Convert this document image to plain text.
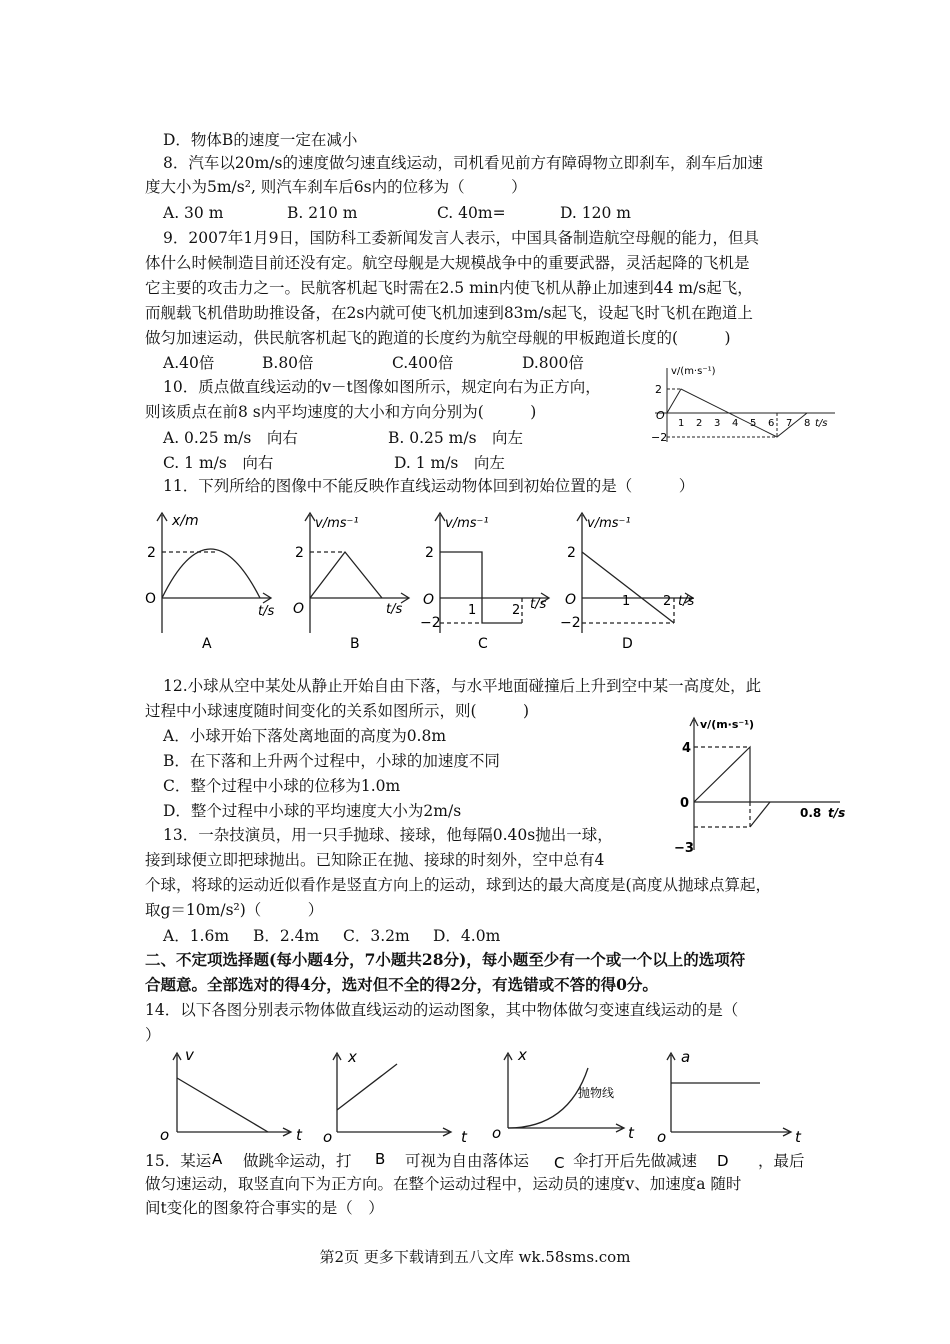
D．物体B的速度一定在减小
8．汽车以20m/s的速度做匀速直线运动，司机看见前方有障碍物立即刹车，刹车后加速
度大小为5m/s², 则汽车刹车后6s内的位移为（　　　）
A. 30 m	B. 210 m	C. 40m=	D. 120 m
9．2007年1月9日，国防科工委新闻发言人表示，中国具备制造航空母舰的能力，但具
体什么时候制造目前还没有定。航空母舰是大规模战争中的重要武器，灵活起降的飞机是
它主要的攻击力之一。民航客机起飞时需在2.5 min内使飞机从静止加速到44 m/s起飞，
而舰载飞机借助助推设备，在2s内就可使飞机加速到83m/s起飞，设起飞时飞机在跑道上
做匀加速运动，供民航客机起飞的跑道的长度约为航空母舰的甲板跑道长度的(　　　)
A.40倍	B.80倍	C.400倍	D.800倍
10．质点做直线运动的v－t图像如图所示，规定向右为正方向，
则该质点在前8 s内平均速度的大小和方向分别为(　　　)
A. 0.25 m/s　向右	B. 0.25 m/s　向左
C. 1 m/s　向右	D. 1 m/s　向左
v/(m·s⁻¹)
2
−2
O
1 2 3 4 5 6 7 8 t/s
11．下列所给的图像中不能反映作直线运动物体回到初始位置的是（　　　）
x/m
2
O
t/s
A
v/ms⁻¹
2
O	t/s
B
v/ms⁻¹
2
−2
O
1	2 t/s
C
v/ms⁻¹
2
−2
O	1	2 t/s
D
12.小球从空中某处从静止开始自由下落，与水平地面碰撞后上升到空中某一高度处，此
过程中小球速度随时间变化的关系如图所示，则(　　　)
A．小球开始下落处离地面的高度为0.8m
B．在下落和上升两个过程中，小球的加速度不同
C．整个过程中小球的位移为1.0m
D．整个过程中小球的平均速度大小为2m/s
v/(m·s⁻¹)
4
0
−3
0.8 t/s
13．一杂技演员，用一只手抛球、接球，他每隔0.40s抛出一球，
接到球便立即把球抛出。已知除正在抛、接球的时刻外，空中总有4
个球，将球的运动近似看作是竖直方向上的运动，球到达的最大高度是(高度从抛球点算起，
取g＝10m/s²)（　　　）
A．1.6m B．2.4m C．3.2m D．4.0m
二、不定项选择题(每小题4分，7小题共28分)，每小题至少有一个或一个以上的选项符
合题意。全部选对的得4分，选对但不全的得2分，有选错或不答的得0分。
14．以下各图分别表示物体做直线运动的运动图象，其中物体做匀变速直线运动的是（
）
v
o	t
A
x
o	t
B
x
抛物线
o	t
C
a
o	t
D
15．某运 做跳伞运动，打	可视为自由落体运	伞打开后先做减速	，最后
做匀速运动，取竖直向下为正方向。在整个运动过程中，运动员的速度v、加速度a 随时
间t变化的图象符合事实的是（　）
第2页 更多下载请到五八文库 wk.58sms.com
